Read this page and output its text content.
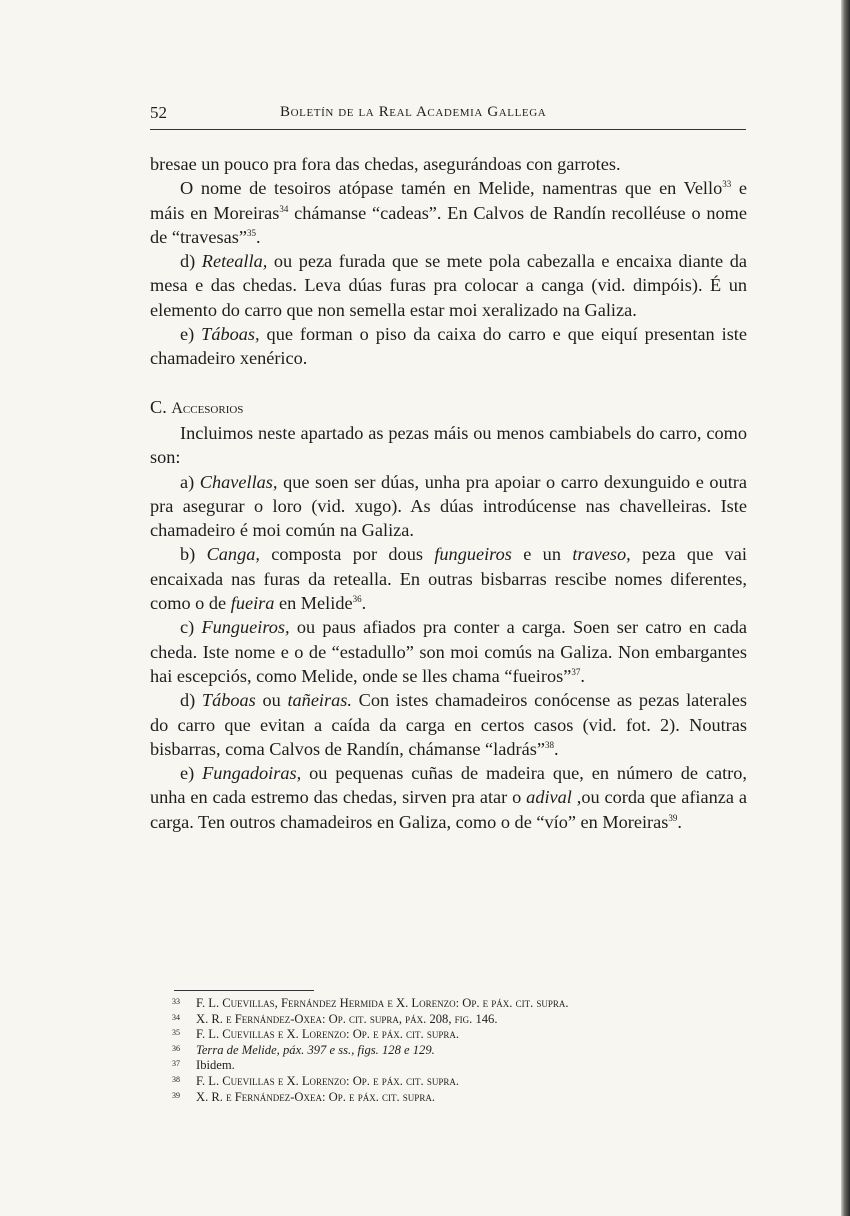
52	Boletín de la Real Academia Gallega

bresae un pouco pra fora das chedas, asegurándoas con garrotes.

O nome de tesoiros atópase tamén en Melide, namentras que en Vello$^{33}$ e máis en Moreiras$^{34}$ chámanse “cadeas”. En Calvos de Randín recolléuse o nome de “travesas”$^{35}$.

d) Retealla, ou peza furada que se mete pola cabezalla e encaixa diante da mesa e das chedas. Leva dúas furas pra colocar a canga (vid. dimpóis). É un elemento do carro que non semella estar moi xeralizado na Galiza.

e) Táboas, que forman o piso da caixa do carro e que eiquí presentan iste chamadeiro xenérico.

C. Accesorios

Incluimos neste apartado as pezas máis ou menos cambiabels do carro, como son:

a) Chavellas, que soen ser dúas, unha pra apoiar o carro dexunguido e outra pra asegurar o loro (vid. xugo). As dúas introdúcense nas chavelleiras. Iste chamadeiro é moi común na Galiza.

b) Canga, composta por dous fungueiros e un traveso, peza que vai encaixada nas furas da retealla. En outras bisbarras rescibe nomes diferentes, como o de fueira en Melide$^{36}$.

c) Fungueiros, ou paus afiados pra conter a carga. Soen ser catro en cada cheda. Iste nome e o de “estadullo” son moi comús na Galiza. Non embargantes hai escepciós, como Melide, onde se lles chama “fueiros”$^{37}$.

d) Táboas ou tañeiras. Con istes chamadeiros conócense as pezas laterales do carro que evitan a caída da carga en certos casos (vid. fot. 2). Noutras bisbarras, coma Calvos de Randín, chámanse “ladrás”$^{38}$.

e) Fungadoiras, ou pequenas cuñas de madeira que, en número de catro, unha en cada estremo das chedas, sirven pra atar o adival ,ou corda que afianza a carga. Ten outros chamadeiros en Galiza, como o de “vío” en Moreiras$^{39}$.

33	F. L. Cuevillas, Fernández Hermida e X. Lorenzo: Op. e páx. cit. supra.
34	X. R. e Fernández-Oxea: Op. cit. supra, páx. 208, fig. 146.
35	F. L. Cuevillas e X. Lorenzo: Op. e páx. cit. supra.
36	Terra de Melide, páx. 397 e ss., figs. 128 e 129.
37	Ibidem.
38	F. L. Cuevillas e X. Lorenzo: Op. e páx. cit. supra.
39	X. R. e Fernández-Oxea: Op. e páx. cit. supra.
